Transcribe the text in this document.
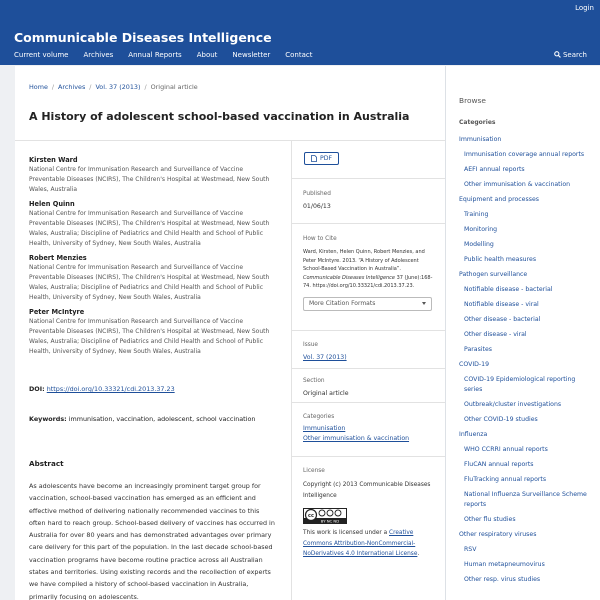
Login
Communicable Diseases Intelligence
Current volume Archives Annual Reports About Newsletter Contact	Search
Home / Archives / Vol. 37 (2013) / Original article
A History of adolescent school-based vaccination in Australia
Kirsten Ward
National Centre for Immunisation Research and Surveillance of Vaccine Preventable Diseases (NCIRS), The Children's Hospital at Westmead, New South Wales, Australia
Helen Quinn
National Centre for Immunisation Research and Surveillance of Vaccine Preventable Diseases (NCIRS), The Children's Hospital at Westmead, New South Wales, Australia; Discipline of Pediatrics and Child Health and School of Public Health, University of Sydney, New South Wales, Australia
Robert Menzies
National Centre for Immunisation Research and Surveillance of Vaccine Preventable Diseases (NCIRS), The Children's Hospital at Westmead, New South Wales, Australia; Discipline of Pediatrics and Child Health and School of Public Health, University of Sydney, New South Wales, Australia
Peter McIntyre
National Centre for Immunisation Research and Surveillance of Vaccine Preventable Diseases (NCIRS), The Children's Hospital at Westmead, New South Wales, Australia; Discipline of Pediatrics and Child Health and School of Public Health, University of Sydney, New South Wales, Australia
DOI: https://doi.org/10.33321/cdi.2013.37.23
Keywords: immunisation, vaccination, adolescent, school vaccination
Abstract

As adolescents have become an increasingly prominent target group for vaccination, school-based vaccination has emerged as an efficient and effective method of delivering nationally recommended vaccines to this often hard to reach group. School-based delivery of vaccines has occurred in Australia for over 80 years and has demonstrated advantages over primary care delivery for this part of the population. In the last decade school-based vaccination programs have become routine practice across all Australian states and territories. Using existing records and the recollection of experts we have compiled a history of school-based vaccination in Australia, primarily focusing on adolescents.

PDF
Published
01/06/13
How to Cite
Ward, Kirsten, Helen Quinn, Robert Menzies, and Peter McIntyre. 2013. “A History of Adolescent School-Based Vaccination in Australia”. Communicable Diseases Intelligence 37 (June):168-74. https://doi.org/10.33321/cdi.2013.37.23.
More Citation Formats
Issue
Vol. 37 (2013)
Section
Original article
Categories
Immunisation
Other immunisation & vaccination
License
Copyright (c) 2013 Communicable Diseases Intelligence
cc
BY NC ND
This work is licensed under a Creative Commons Attribution-NonCommercial-NoDerivatives 4.0 International License.
Browse
Categories
Immunisation
Immunisation coverage annual reports
AEFI annual reports
Other immunisation & vaccination
Equipment and processes
Training
Monitoring
Modelling
Public health measures
Pathogen surveillance
Notifiable disease - bacterial
Notifiable disease - viral
Other disease - bacterial
Other disease - viral
Parasites
COVID-19
COVID-19 Epidemiological reporting series
Outbreak/cluster investigations
Other COVID-19 studies
Influenza
WHO CCRRI annual reports
FluCAN annual reports
FluTracking annual reports
National Influenza Surveillance Scheme reports
Other flu studies
Other respiratory viruses
RSV
Human metapneumovirus
Other resp. virus studies
